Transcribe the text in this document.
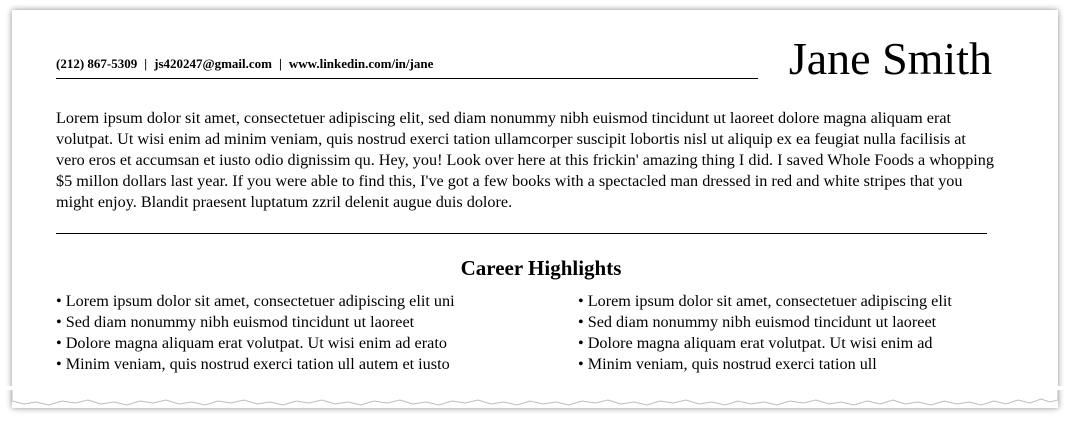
(212) 867-5309 | js420247@gmail.com | www.linkedin.com/in/jane	Jane Smith
Lorem ipsum dolor sit amet, consectetuer adipiscing elit, sed diam nonummy nibh euismod tincidunt ut laoreet dolore magna aliquam erat volutpat. Ut wisi enim ad minim veniam, quis nostrud exerci tation ullamcorper suscipit lobortis nisl ut aliquip ex ea feugiat nulla facilisis at vero eros et accumsan et iusto odio dignissim qu. Hey, you! Look over here at this frickin' amazing thing I did. I saved Whole Foods a whopping $5 millon dollars last year. If you were able to find this, I've got a few books with a spectacled man dressed in red and white stripes that you might enjoy. Blandit praesent luptatum zzril delenit augue duis dolore.
Career Highlights
• Lorem ipsum dolor sit amet, consectetuer adipiscing elit uni
• Sed diam nonummy nibh euismod tincidunt ut laoreet
• Dolore magna aliquam erat volutpat. Ut wisi enim ad erato
• Minim veniam, quis nostrud exerci tation ull autem et iusto
• Lorem ipsum dolor sit amet, consectetuer adipiscing elit
• Sed diam nonummy nibh euismod tincidunt ut laoreet
• Dolore magna aliquam erat volutpat. Ut wisi enim ad
• Minim veniam, quis nostrud exerci tation ull
